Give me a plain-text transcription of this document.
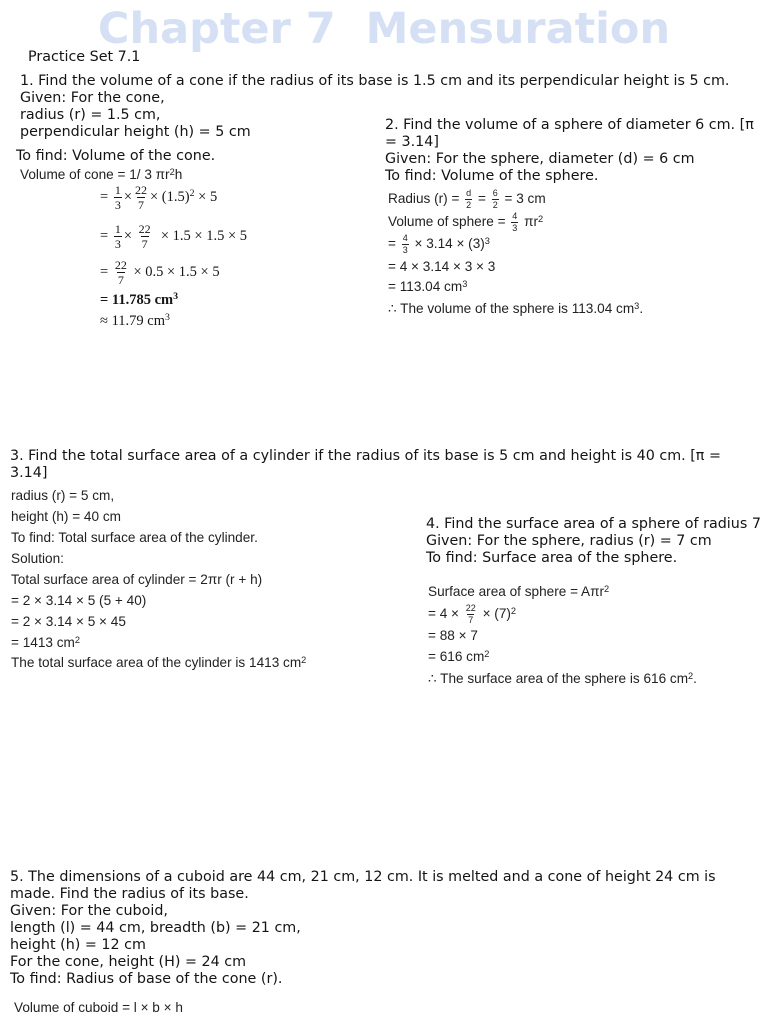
Chapter 7  Mensuration
Practice Set 7.1
1. Find the volume of a cone if the radius of its base is 1.5 cm and its perpendicular height is 5 cm.
Given: For the cone,
radius (r) = 1.5 cm,
perpendicular height (h) = 5 cm
To find: Volume of the cone.
Volume of cone = 1/ 3 $\pi r^2$ h
= $\frac{1}{3} \times \frac{22}{7} \times (1.5)^2 \times 5$
= $\frac{1}{3} \times \frac{22}{7} \times 1.5 \times 1.5 \times 5$
= $\frac{22}{7} \times 0.5 \times 1.5 \times 5$
= 11.785 $cm^3$
≈ 11.79 $cm^3$
2. Find the volume of a sphere of diameter 6 cm. [π
= 3.14]
Given: For the sphere, diameter (d) = 6 cm
To find: Volume of the sphere.
Radius $(r) = \frac{d}{2} = \frac{6}{2} = 3$ cm
Volume of sphere = $\frac{4}{3} \pi r^2$
= $\frac{4}{3} \times 3.14 \times (3)^3$
= 4 × 3.14 × 3 × 3
= 113.04 $cm^3$
∴ The volume of the sphere is 113.04 $cm^3$ .
3. Find the total surface area of a cylinder if the radius of its base is 5 cm and height is 40 cm. [π =
3.14]
radius (r) = 5 cm,
height (h) = 40 cm
To find: Total surface area of the cylinder.
Solution:
Total surface area of cylinder = 2πr (r + h)
= 2 × 3.14 × 5 (5 + 40)
= 2 × 3.14 × 5 × 45
= 1413 $cm^2$
The total surface area of the cylinder is 1413 $cm^2$
4. Find the surface area of a sphere of radius 7
Given: For the sphere, radius (r) = 7 cm
To find: Surface area of the sphere.
Surface area of sphere = Aπr$^2$
= $4 \times \frac{22}{7} \times (7)^2$
= 88 × 7
= 616 $cm^2$
∴ The surface area of the sphere is 616 $cm^2$ .
5. The dimensions of a cuboid are 44 cm, 21 cm, 12 cm. It is melted and a cone of height 24 cm is
made. Find the radius of its base.
Given: For the cuboid,
length (l) = 44 cm, breadth (b) = 21 cm,
height (h) = 12 cm
For the cone, height (H) = 24 cm
To find: Radius of base of the cone (r).
Volume of cuboid = l × b × h
